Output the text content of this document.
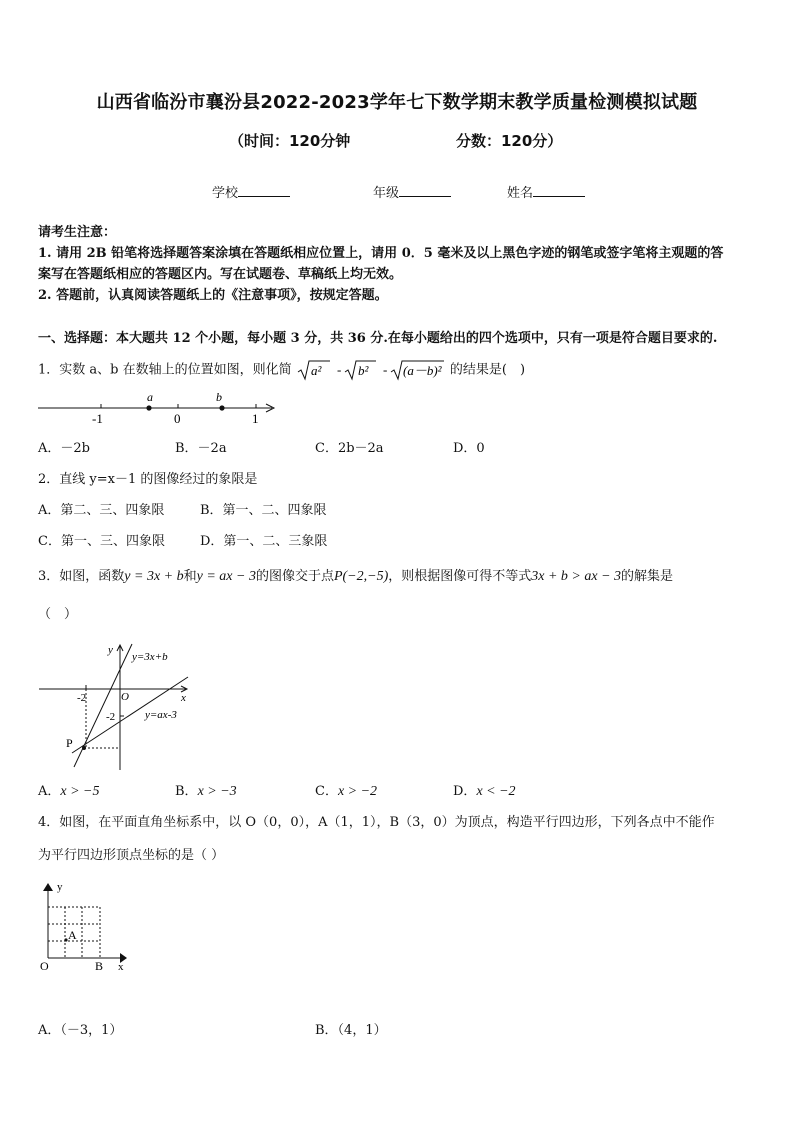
山西省临汾市襄汾县2022-2023学年七下数学期末教学质量检测模拟试题
（时间：120分钟	分数：120分）
学校	年级	姓名
请考生注意：
1. 请用 2B 铅笔将选择题答案涂填在答题纸相应位置上，请用 0．5 毫米及以上黑色字迹的钢笔或签字笔将主观题的答
案写在答题纸相应的答题区内。写在试题卷、草稿纸上均无效。
2. 答题前，认真阅读答题纸上的《注意事项》，按规定答题。
一、选择题：本大题共 12 个小题，每小题 3 分，共 36 分.在每小题给出的四个选项中，只有一项是符合题目要求的.
1．实数 a、b 在数轴上的位置如图，则化简 a² - b² - (a－b)² 的结果是(　)
a	b
-1	0	1
A．－2b	B．－2a	C．2b－2a	D．0
2．直线 y=x－1 的图像经过的象限是
A．第二、三、四象限	B．第一、二、四象限
C．第一、三、四象限	D．第一、二、三象限
3．如图，函数y = 3x + b和y = ax − 3的图像交于点P(−2,−5)，则根据图像可得不等式3x + b > ax − 3的解集是
（　）
y
x
O
-2
-2
P
y=3x+b
y=ax-3
A．x > −5	B．x > −3	C．x > −2	D．x < −2
4．如图，在平面直角坐标系中，以 O（0，0），A（1，1），B（3，0）为顶点，构造平行四边形，下列各点中不能作
为平行四边形顶点坐标的是（ ）
y
x
O
A
B
A．（－3，1）	B．（4，1）
